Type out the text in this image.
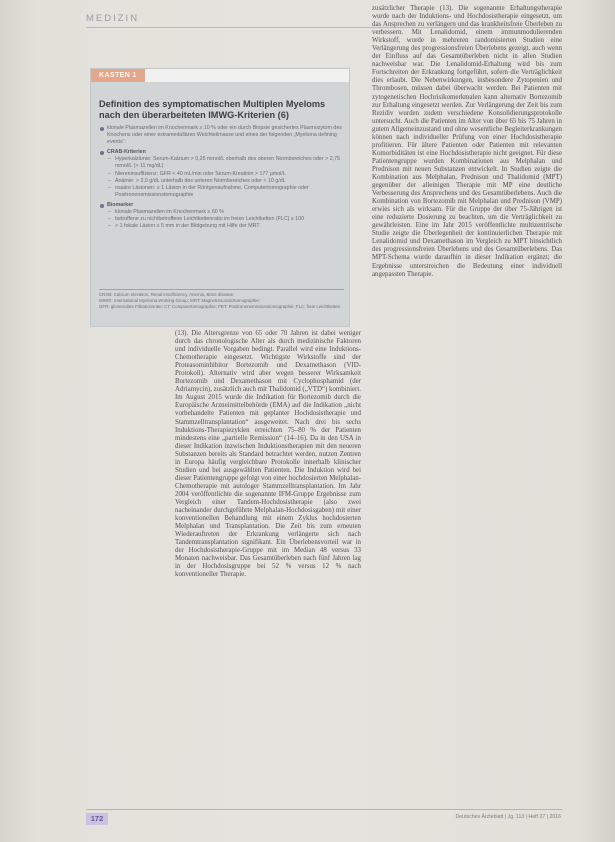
MEDIZIN
KASTEN 1
Definition des symptomatischen Multiplen Myeloms nach den überarbeiteten IMWG-Kriterien (6)
klonale Plasmazellen im Knochenmark ≥ 10 % oder ein durch Biopsie gesichertes Plasmozytom des Knochens oder einer extramedullären Weichteilmasse und eines der folgenden „Myeloma defining events“:
CRAB-Kriterien
– Hyperkalzämie: Serum-Kalzium > 0,25 mmol/L oberhalb des oberen Normbereiches oder > 2,75 mmol/L (> 11 mg/dL)
– Niereninsuffizienz: GFR < 40 mL/min oder Serum-Kreatinin > 177 µmol/L
– Anämie: > 2,0 g/dL unterhalb des unteren Normbereiches oder < 10 g/dL
– ossäre Läsionen: ≥ 1 Läsion in der Röntgenaufnahme, Computertomographie oder Positronenemissionstomographie
Biomarker
– klonale Plasmazellen im Knochenmark ≥ 60 %
– betroffene zu nichtbetroffene Leichtkettenratio im freien Leichtketten (FLC) ≥ 100
– > 1 fokale Läsion ≥ 5 mm in der Bildgebung mit Hilfe der MRT
CRAB: Calcium elevation, Renal insufficiency, Anemia, Bone disease;
IMWG: International Myeloma Working Group; MRT: Magnetresonanztomographie;
GFR: glomeruläre Filtrationsrate; CT: Computertomographie; PET: Positronenemissionstomographie; FLC: freie Leichtketten
(13). Die Altersgrenze von 65 oder 70 Jahren ist dabei weniger durch das chronologische Alter als durch medizinische Faktoren und individuelle Vorgaben bedingt. Parallel wird eine Induktions-Chemotherapie eingesetzt. Wichtigste Wirkstoffe sind der Proteasominhibitor Bortezomib und Dexamethason (VID-Protokoll). Alternativ wird aber wegen besserer Wirksamkeit Bortezomib und Dexamethason mit Cyclophosphamid (der Adriamycin), zusätzlich auch mit Thalidomid („VTD“) kombiniert. Im August 2015 wurde die Indikation für Bortezomib durch die Europäische Arzneimittelbehörde (EMA) auf die Indikation „nicht vorbehandelte Patienten mit geplanter Hochdosistherapie und Stammzelltransplantation“ ausgeweitet. Nach drei bis sechs Induktions-Therapiezyklen erreichten 75–80 % der Patienten mindestens eine „partielle Remission“ (14–16). Da in den USA in dieser Indikation inzwischen Induktionstherapien mit den neueren Substanzen bereits als Standard betrachtet werden, nutzen Zentren in Europa häufig vergleichbare Protokolle innerhalb klinischer Studien und bei ausgewählten Patienten. Die Induktion wird bei dieser Patientengruppe gefolgt von einer hochdosierten Melphalan-Chemotherapie mit autologer Stammzelltransplantation. Im Jahr 2004 veröffentlichte die sogenannte IFM-Gruppe Ergebnisse zum Vergleich einer Tandem-Hochdosistherapie (also zwei nacheinander durchgeführte Melphalan-Hochdosisgaben) mit einer konventionellen Behandlung mit einem Zyklus hochdosierten Melphalan und Transplantation. Die Zeit bis zum erneuten Wiederauftreten der Erkrankung verlängerte sich nach Tandemtransplantation signifikant. Ein Überlebensvorteil war in der Hochdosistherapie-Gruppe mit im Median 48 versus 33 Monaten nachweisbar. Das Gesamtüberleben nach fünf Jahren lag in der Hochdosisgruppe bei 52 % versus 12 % nach konventioneller Therapie.
zusätzlicher Therapie (13). Die sogenannte Erhaltungstherapie wurde nach der Induktions- und Hochdosistherapie eingesetzt, um das Ansprechen zu verlängern und das krankheitsfreie Überleben zu verbessern. Mit Lenalidomid, einem immunmodulierenden Wirkstoff, wurde in mehreren randomisierten Studien eine Verlängerung des progressionsfreien Überlebens gezeigt, auch wenn der Einfluss auf das Gesamtüberleben nicht in allen Studien nachweisbar war. Die Lenalidomid-Erhaltung wird bis zum Fortschreiten der Erkrankung fortgeführt, sofern die Verträglichkeit dies erlaubt. Die Nebenwirkungen, insbesondere Zytopenien und Thrombosen, müssen dabei überwacht werden. Bei Patienten mit zytogenetischen Hochrisikomerkmalen kann alternativ Bortezomib zur Erhaltung eingesetzt werden. Zur Verlängerung der Zeit bis zum Rezidiv wurden zudem verschiedene Konsolidierungsprotokolle untersucht. Auch die Patienten im Alter von über 65 bis 75 Jahren in gutem Allgemeinzustand und ohne wesentliche Begleiterkrankungen können nach individueller Prüfung von einer Hochdosistherapie profitieren. Für ältere Patienten oder Patienten mit relevanten Komorbiditäten ist eine Hochdosistherapie nicht geeignet. Für diese Patientengruppe wurden Kombinationen aus Melphalan und Prednison mit neuen Substanzen entwickelt. In Studien zeigte die Kombination aus Melphalan, Prednison und Thalidomid (MPT) gegenüber der alleinigen Therapie mit MP eine deutliche Verbesserung des Ansprechens und des Gesamtüberlebens. Auch die Kombination von Bortezomib mit Melphalan und Prednison (VMP) erwies sich als wirksam. Für die Gruppe der über 75-Jährigen ist eine reduzierte Dosierung zu beachten, um die Verträglichkeit zu gewährleisten. Eine im Jahr 2015 veröffentlichte multizentrische Studie zeigte die Überlegenheit der kontinuierlichen Therapie mit Lenalidomid und Dexamethason im Vergleich zu MPT hinsichtlich des progressionsfreien Überlebens und des Gesamtüberlebens. Das MPT-Schema wurde daraufhin in dieser Indikation ergänzt; die Ergebnisse unterstreichen die Bedeutung einer individuell angepassten Therapie.
172	Deutsches Ärzteblatt | Jg. 113 | Heft 27 | 2016
